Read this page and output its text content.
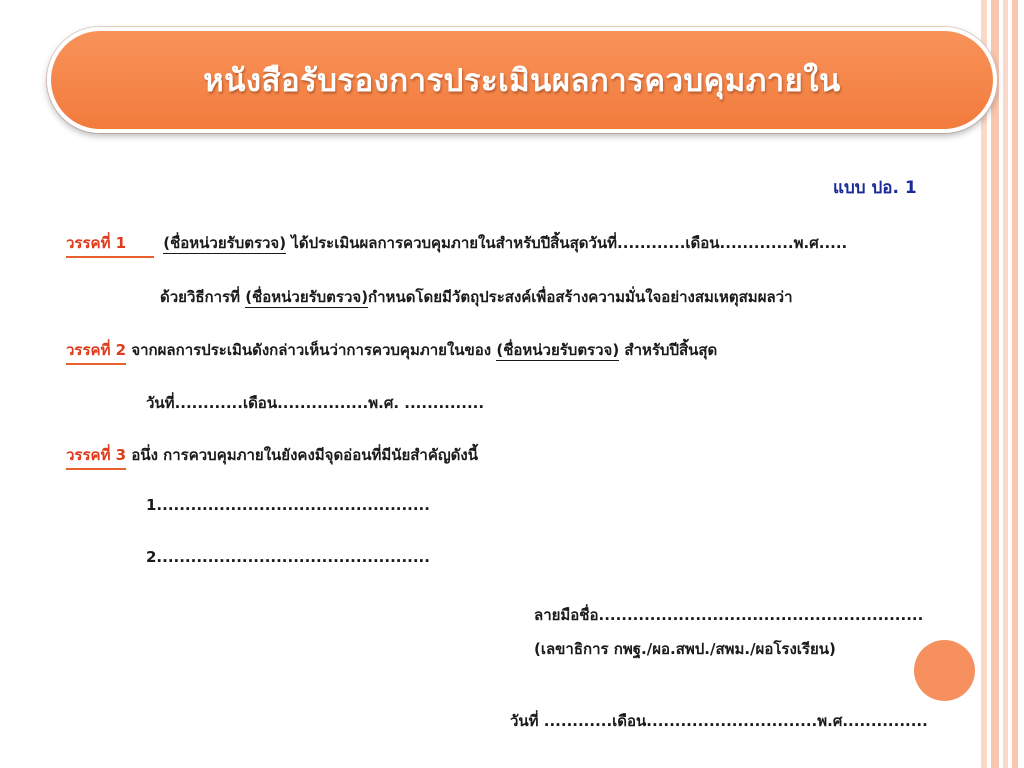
หนังสือรับรองการประเมินผลการควบคุมภายใน
แบบ ปอ. 1
วรรคที่ 1 (ชื่อหน่วยรับตรวจ) ได้ประเมินผลการควบคุมภายในสำหรับปีสิ้นสุดวันที่............เดือน.............พ.ศ.....
ด้วยวิธีการที่ (ชื่อหน่วยรับตรวจ)กำหนดโดยมีวัตถุประสงค์เพื่อสร้างความมั่นใจอย่างสมเหตุสมผลว่า
วรรคที่ 2 จากผลการประเมินดังกล่าวเห็นว่าการควบคุมภายในของ (ชื่อหน่วยรับตรวจ) สำหรับปีสิ้นสุด
วันที่............เดือน................พ.ศ. ..............
วรรคที่ 3 อนึ่ง การควบคุมภายในยังคงมีจุดอ่อนที่มีนัยสำคัญดังนี้
1................................................
2................................................
ลายมือชื่อ.........................................................
(เลขาธิการ กพฐ./ผอ.สพป./สพม./ผอโรงเรียน)
วันที่ ............เดือน..............................พ.ศ...............
